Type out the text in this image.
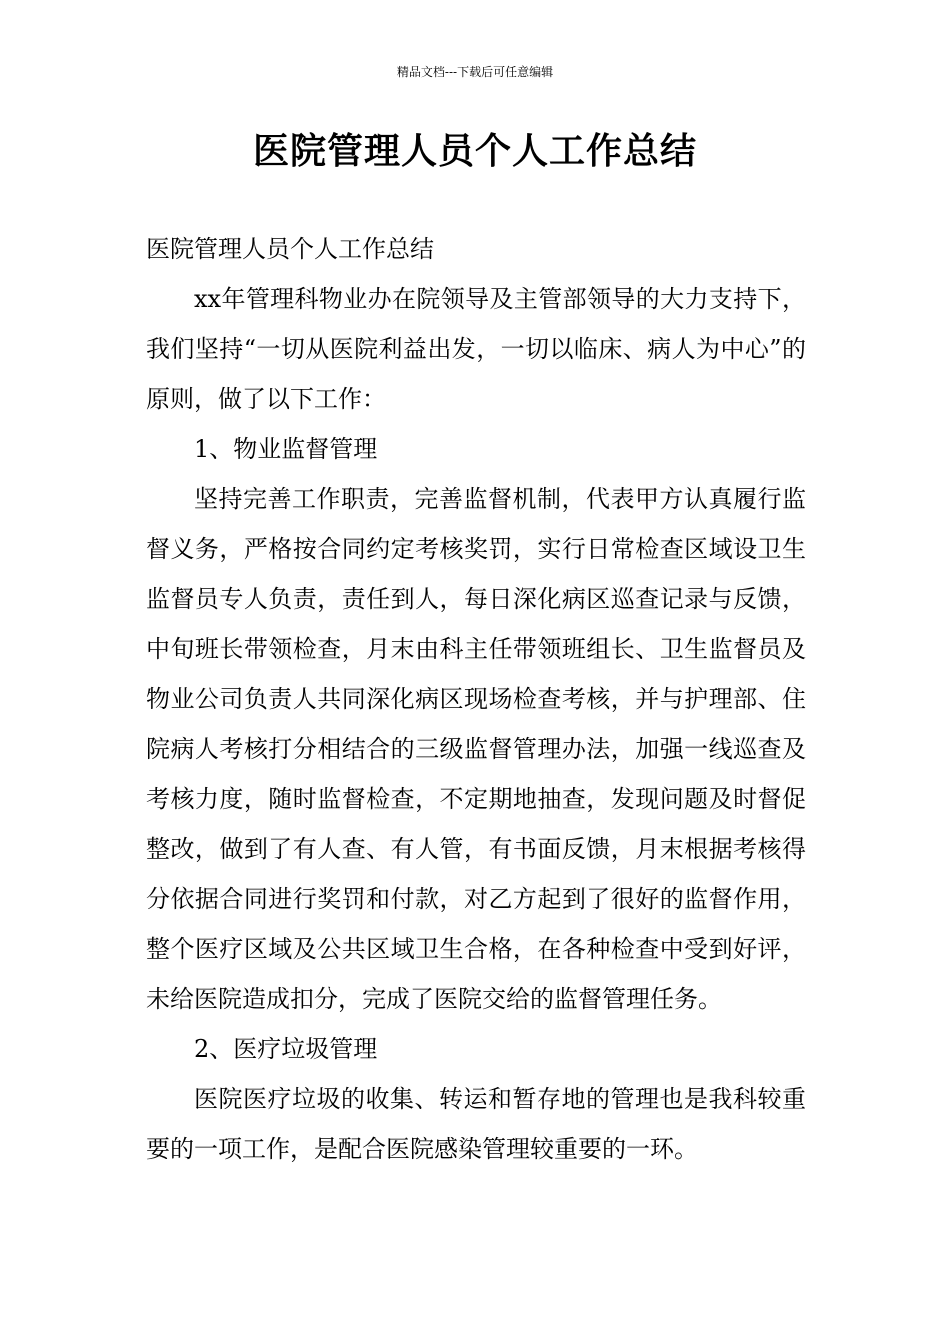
精品文档---下载后可任意编辑
医院管理人员个人工作总结

医院管理人员个人工作总结

xx年管理科物业办在院领导及主管部领导的大力支持下，我们坚持“一切从医院利益出发，一切以临床、病人为中心”的原则，做了以下工作：

1、物业监督管理

坚持完善工作职责，完善监督机制，代表甲方认真履行监督义务，严格按合同约定考核奖罚，实行日常检查区域设卫生监督员专人负责，责任到人，每日深化病区巡查记录与反馈，中旬班长带领检查，月末由科主任带领班组长、卫生监督员及物业公司负责人共同深化病区现场检查考核，并与护理部、住院病人考核打分相结合的三级监督管理办法，加强一线巡查及考核力度，随时监督检查，不定期地抽查，发现问题及时督促整改，做到了有人查、有人管，有书面反馈，月末根据考核得分依据合同进行奖罚和付款，对乙方起到了很好的监督作用，整个医疗区域及公共区域卫生合格，在各种检查中受到好评，未给医院造成扣分，完成了医院交给的监督管理任务。

2、医疗垃圾管理

医院医疗垃圾的收集、转运和暂存地的管理也是我科较重要的一项工作，是配合医院感染管理较重要的一环。
